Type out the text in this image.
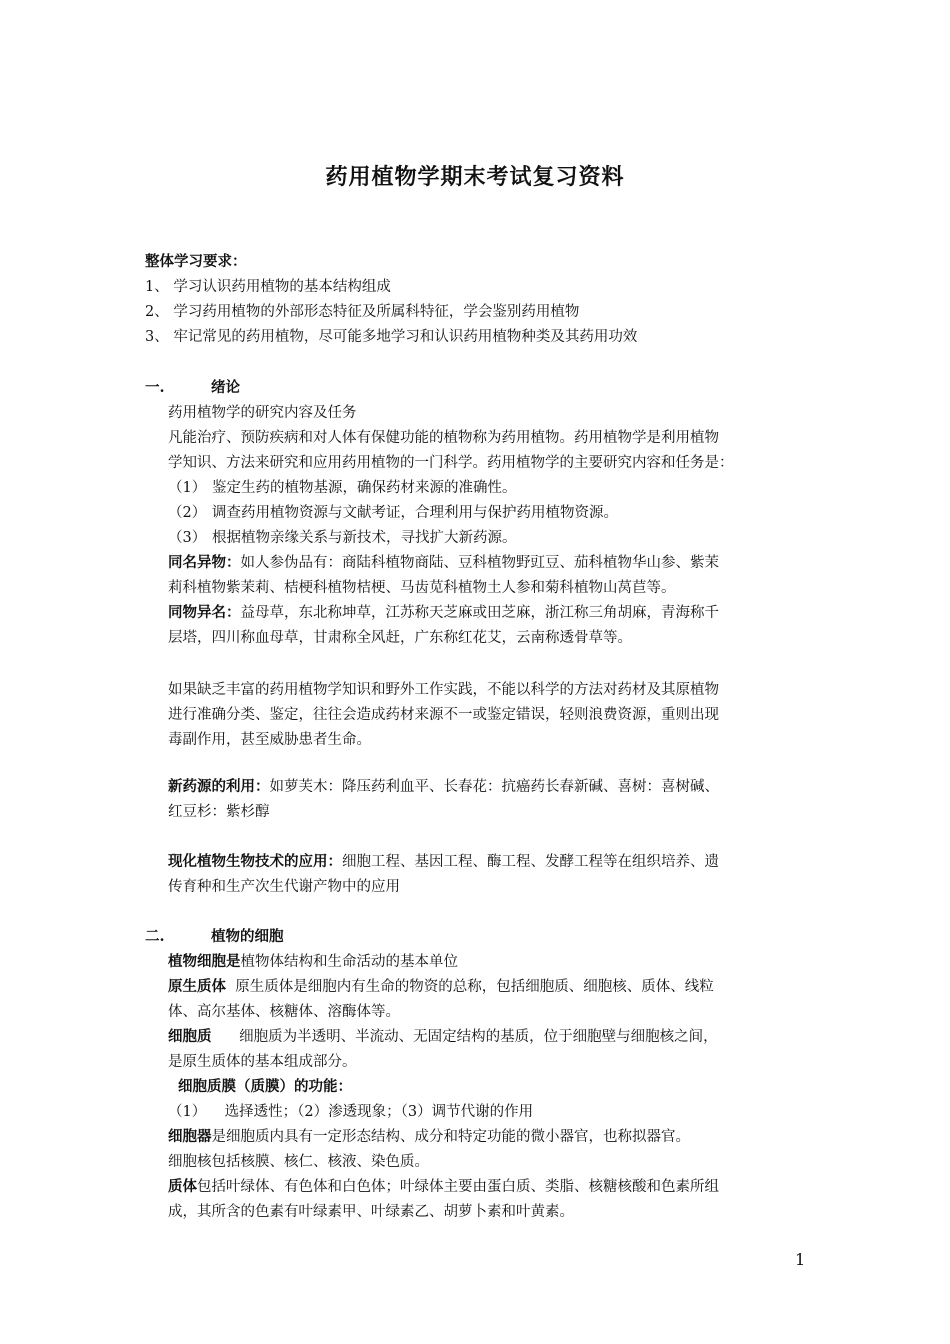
药用植物学期末考试复习资料
整体学习要求：
1、 学习认识药用植物的基本结构组成
2、 学习药用植物的外部形态特征及所属科特征，学会鉴别药用植物
3、 牢记常见的药用植物，尽可能多地学习和认识药用植物种类及其药用功效
一.	绪论
药用植物学的研究内容及任务
凡能治疗、预防疾病和对人体有保健功能的植物称为药用植物。药用植物学是利用植物
学知识、方法来研究和应用药用植物的一门科学。药用植物学的主要研究内容和任务是：
（1） 鉴定生药的植物基源，确保药材来源的准确性。
（2） 调查药用植物资源与文献考证，合理利用与保护药用植物资源。
（3） 根据植物亲缘关系与新技术，寻找扩大新药源。
同名异物：如人参伪品有：商陆科植物商陆、豆科植物野豇豆、茄科植物华山参、紫茉
莉科植物紫茉莉、桔梗科植物桔梗、马齿苋科植物土人参和菊科植物山莴苣等。
同物异名：益母草，东北称坤草，江苏称天芝麻或田芝麻，浙江称三角胡麻，青海称千
层塔，四川称血母草，甘肃称全风赶，广东称红花艾，云南称透骨草等。
如果缺乏丰富的药用植物学知识和野外工作实践，不能以科学的方法对药材及其原植物
进行准确分类、鉴定，往往会造成药材来源不一或鉴定错误，轻则浪费资源，重则出现
毒副作用，甚至威胁患者生命。
新药源的利用：如萝芙木：降压药利血平、长春花：抗癌药长春新碱、喜树：喜树碱、
红豆杉：紫杉醇
现化植物生物技术的应用：细胞工程、基因工程、酶工程、发酵工程等在组织培养、遗
传育种和生产次生代谢产物中的应用
二.	植物的细胞
植物细胞是植物体结构和生命活动的基本单位
原生质体  原生质体是细胞内有生命的物资的总称，包括细胞质、细胞核、质体、线粒
体、高尔基体、核糖体、溶酶体等。
细胞质      细胞质为半透明、半流动、无固定结构的基质，位于细胞壁与细胞核之间，
是原生质体的基本组成部分。
细胞质膜（质膜）的功能：
（1）    选择透性；（2）渗透现象；（3）调节代谢的作用
细胞器是细胞质内具有一定形态结构、成分和特定功能的微小器官，也称拟器官。
细胞核包括核膜、核仁、核液、染色质。
质体包括叶绿体、有色体和白色体；叶绿体主要由蛋白质、类脂、核糖核酸和色素所组
成，其所含的色素有叶绿素甲、叶绿素乙、胡萝卜素和叶黄素。
1
